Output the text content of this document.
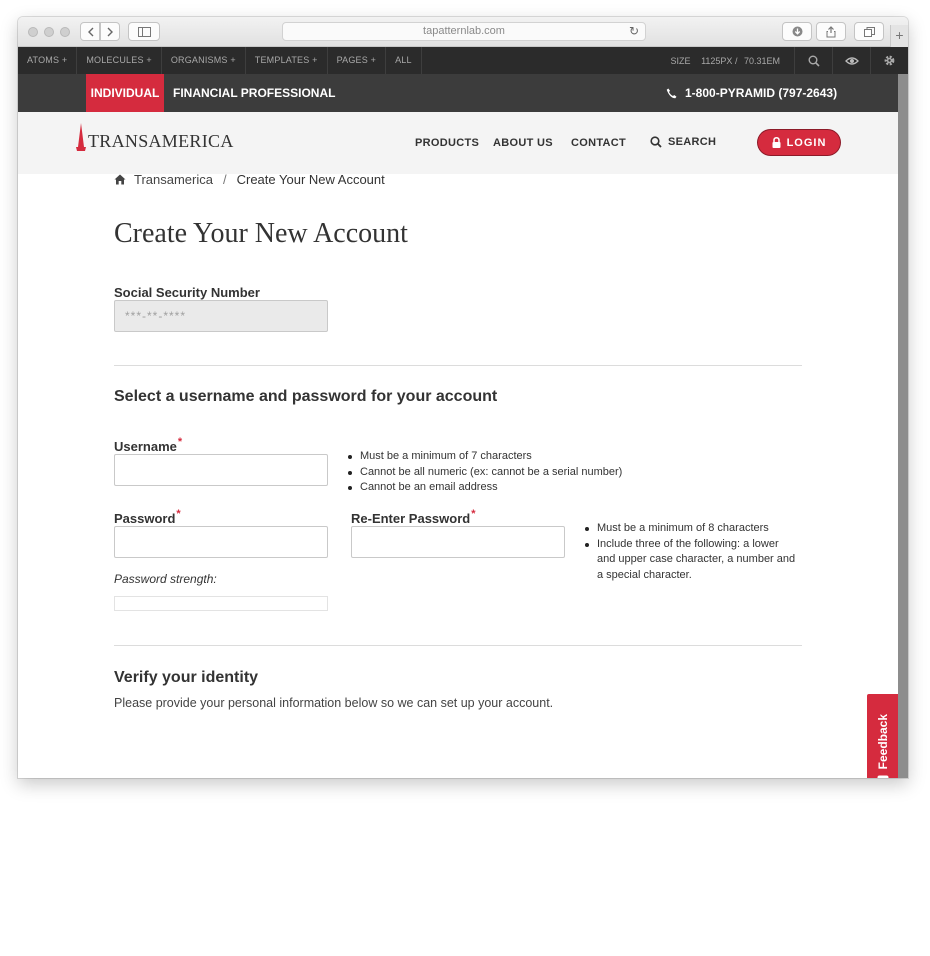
tapatternlab.com	↻	+
ATOMS +	MOLECULES +	ORGANISMS +	TEMPLATES +	PAGES +	ALL	SIZE 1125PX / 70.31EM
INDIVIDUAL	FINANCIAL PROFESSIONAL	1-800-PYRAMID (797-2643)
TRANSAMERICA	PRODUCTS ABOUT US CONTACT	SEARCH	LOGIN
Transamerica / Create Your New Account
Create Your New Account
Social Security Number
***-**-****
Select a username and password for your account
Username*
Must be a minimum of 7 characters
Cannot be all numeric (ex: cannot be a serial number)
Cannot be an email address
Password*	Re-Enter Password*
Must be a minimum of 8 characters
Include three of the following: a lower and upper case character, a number and a special character.
Password strength:
Verify your identity

Please provide your personal information below so we can set up your account.

Feedback
